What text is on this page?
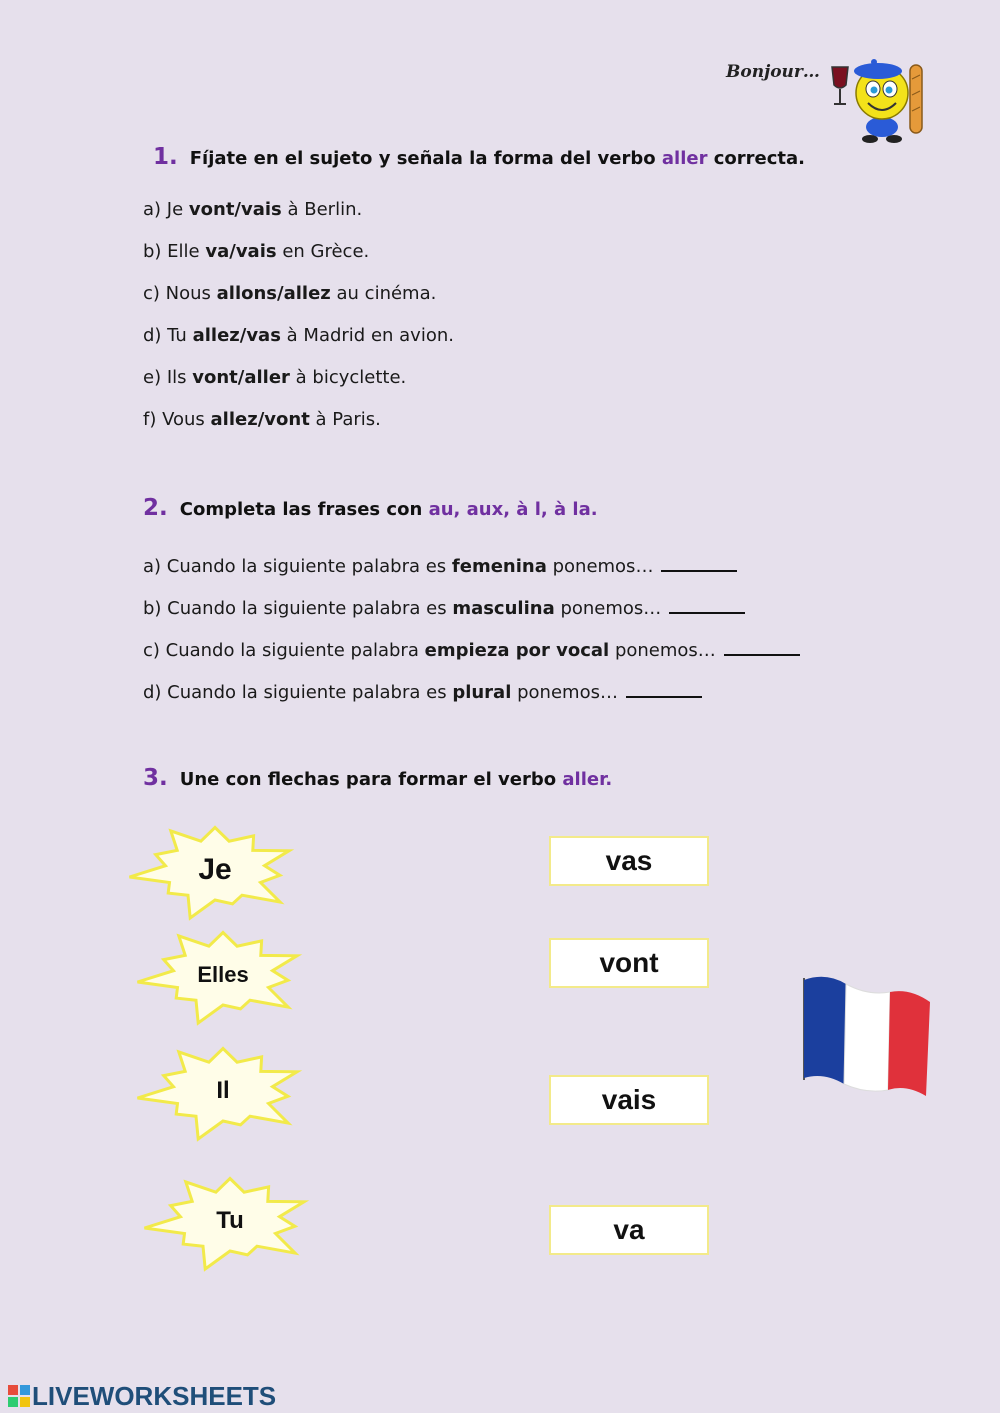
Bonjour…
1. Fíjate en el sujeto y señala la forma del verbo aller correcta.
a) Je vont/vais à Berlin.
b) Elle va/vais en Grèce.
c) Nous allons/allez au cinéma.
d) Tu allez/vas à Madrid en avion.
e) Ils vont/aller à bicyclette.
f) Vous allez/vont à Paris.
2. Completa las frases con au, aux, à l, à la.
a) Cuando la siguiente palabra es femenina ponemos…
b) Cuando la siguiente palabra es masculina ponemos…
c) Cuando la siguiente palabra empieza por vocal ponemos…
d) Cuando la siguiente palabra es plural ponemos…
3. Une con flechas para formar el verbo aller.
Je
Elles
Il
Tu
vas
vont
vais
va
LIVEWORKSHEETS
